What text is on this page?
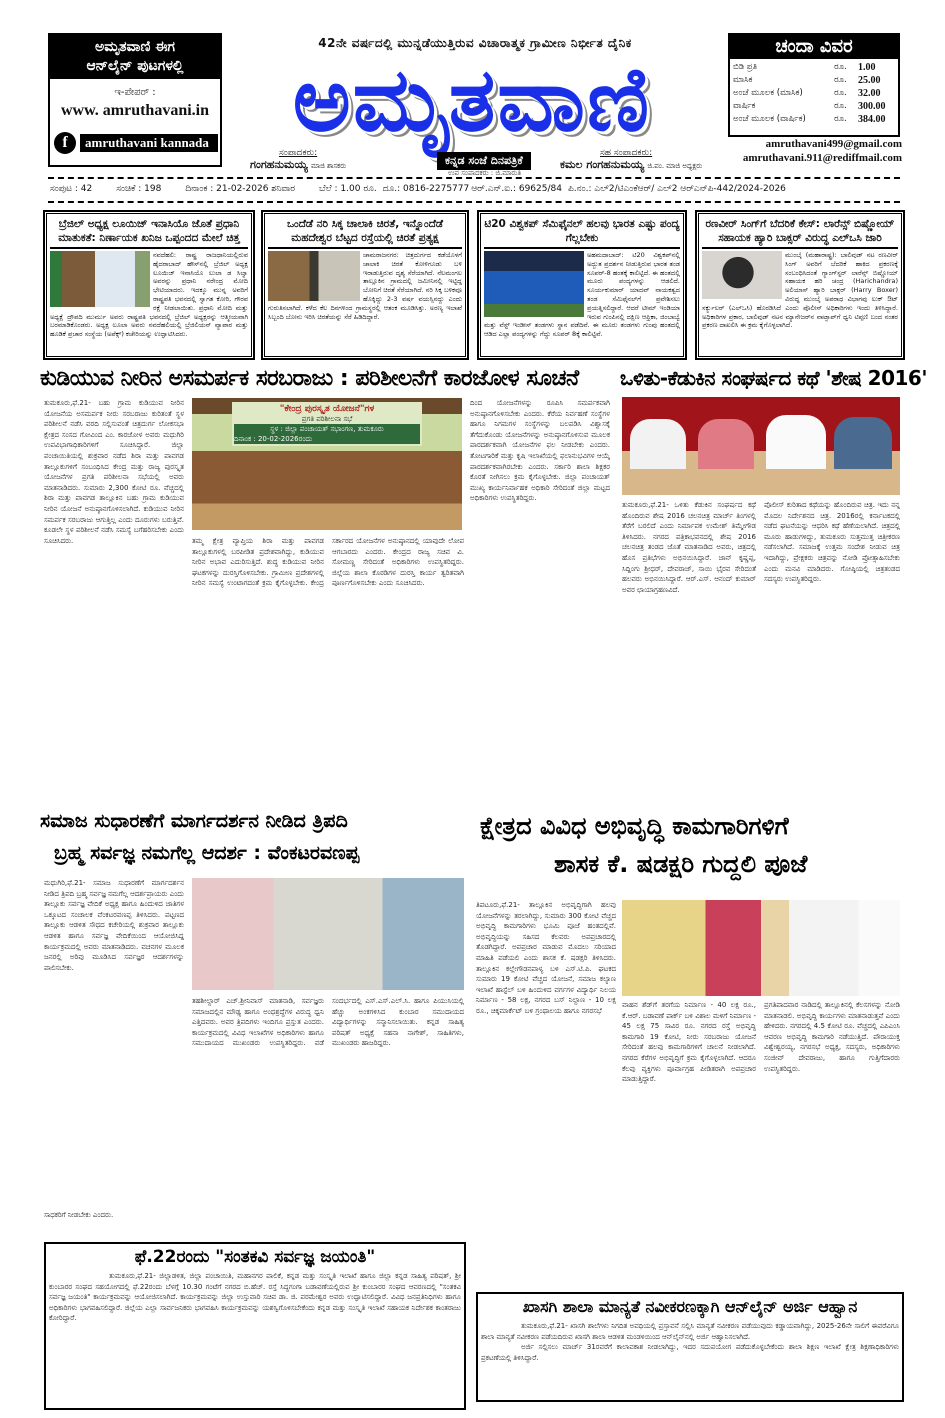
ಅಮೃತವಾಣಿ ಈಗ
ಆನ್‌ಲೈನ್ ಪುಟಗಳಲ್ಲಿ
ಇ-ಪೇಪರ್ :
www. amruthavani.in
f	amruthavani kannada
42ನೇ ವರ್ಷದಲ್ಲಿ ಮುನ್ನಡೆಯುತ್ತಿರುವ ವಿಚಾರಾತ್ಮಕ ಗ್ರಾಮೀಣ ನಿರ್ಭೀತ ದೈನಿಕ
ಅಮೃತವಾಣಿ
ಕನ್ನಡ ಸಂಜೆ ದಿನಪತ್ರಿಕೆ
ಉಪ ಸಂಪಾದಕರು : ಜಿ.ಮಾರುತಿ
ಸಂಪಾದಕರು:
ಗಂಗಹನುಮಯ್ಯ ಮಾಜಿ ಶಾಸಕರು
ಸಹ ಸಂಪಾದಕರು:
ಕಮಲ ಗಂಗಹನುಮಯ್ಯ ಜಿ.ಪಂ. ಮಾಜಿ ಅಧ್ಯಕ್ಷರು
ಚಂದಾ ವಿವರ
ಬಿಡಿ ಪ್ರತಿ	ರೂ.	1.00
ಮಾಸಿಕ	ರೂ.	25.00
ಅಂಚೆ ಮೂಲಕ (ಮಾಸಿಕ)	ರೂ.	32.00
ವಾರ್ಷಿಕ	ರೂ.	300.00
ಅಂಚೆ ಮೂಲಕ (ವಾರ್ಷಿಕ)	ರೂ.	384.00
amruthavani499@gmail.com
amruthavani.911@rediffmail.com
ಸಂಪುಟ : 42	ಸಂಚಿಕೆ : 198	ದಿನಾಂಕ : 21-02-2026 ಶನಿವಾರ	ಬೆಲೆ : 1.00 ರೂ. ದೂ.: 0816-2275777 ಆರ್.ಎನ್.ಐ.: 69625/84 ಪಿ.ನಂ.: ಎಲ್2/ಟಿಎಂಕೆಆರ್/ ಎಲ್2 ಆರ್‌ಎನ್‌ಪಿ-442/2024-2026
ಬ್ರೆಜಿಲ್ ಅಧ್ಯಕ್ಷ ಲೂಯಿಜ್ ಇನಾಸಿಯೊ ಜೊತೆ ಪ್ರಧಾನಿ ಮಾತುಕತೆ: ನಿರ್ಣಾಯಕ ಖನಿಜ ಒಪ್ಪಂದದ ಮೇಲೆ ಚಿತ್ತ
ನವದೆಹಲಿ: ರಾಷ್ಟ್ರ ರಾಜಧಾನಿಯಲ್ಲಿರುವ ಹೈದರಾಬಾದ್ ಹೌಸ್‌ನಲ್ಲಿ ಬ್ರೆಜಿಲ್ ಅಧ್ಯಕ್ಷ ಲೂಯಿಜ್ ಇನಾಸಿಯೊ ಲುಲಾ ಡ ಸಿಲ್ವಾ ಅವರನ್ನು ಪ್ರಧಾನಿ ನರೇಂದ್ರ ಮೋದಿ ಭೇಟಿಯಾದರು. ಇದಕ್ಕೂ ಮುನ್ನ ಅವರಿಗೆ ರಾಷ್ಟ್ರಪತಿ ಭವನದಲ್ಲಿ ಸ್ವಾಗತ ಕೋರಿ, ಗೌರವ ರಕ್ಷೆ ನೀಡಲಾಯಿತು. ಪ್ರಧಾನಿ ಮೋದಿ ಮತ್ತು ಅಧ್ಯಕ್ಷೆ ದ್ರೌಪದಿ ಮುರ್ಮು ಅವರು ರಾಷ್ಟ್ರಪತಿ ಭವನದಲ್ಲಿ ಬ್ರೆಜಿಲ್ ಅಧ್ಯಕ್ಷರನ್ನು ಆತ್ಮೀಯವಾಗಿ ಬರಮಾಡಿಕೊಂಡರು. ಅಧ್ಯಕ್ಷ ಲೂಲಾ ಅವರು ನವದೆಹಲಿಯಲ್ಲಿ ಬ್ರೆಜಿಲಿಯನ್ ವ್ಯಾಪಾರ ಮತ್ತು ಹೂಡಿಕೆ ಪ್ರಚಾರ ಸಂಸ್ಥೆಯ (ಅಪೆಕ್ಸ್) ಕಚೇರಿಯನ್ನು ಉದ್ಘಾಟಿಸಿದರು.
ಒಂದೆಡೆ ನರಿ ಸಿಕ್ಕ ಚಾಲಾಕಿ ಚಿರತೆ, ಇನ್ನೊಂದೆಡೆ ಮಹದೇಶ್ವರ ಬೆಟ್ಟದ ರಸ್ತೆಯಲ್ಲಿ ಚಿರತೆ ಪ್ರತ್ಯಕ್ಷ
ಚಾಮರಾಜನಗರ: ಚಿತ್ರದುರ್ಗದ ಕಡೆಯೊಳಗೆ ಚಾಲಾಕಿ ಚಿರತೆ ಕೋಳಿಗೂಡು ಬಳಿ ಇರಾಡುತ್ತಿರುವ ದೃಶ್ಯ ಸೆರೆಯಾಗಿದೆ. ನೆಲಮಂಗಲ ತಾಲ್ಲೂಕಿನ ಗ್ರಾಮದಲ್ಲಿ ಜಮೀನಿನಲ್ಲಿ ಇಟ್ಟಿದ್ದ ಬೋನಿಗೆ ಚಿರತೆ ಸೆರೆಯಾಗಿದೆ. ನರಿ ಸಿಕ್ಕ ಬಳಿಕವೂ ಹೊಕ್ಕಿದ್ದು 2-3 ವರ್ಷ ವಯಸ್ಸಿನದ್ದು ಎಂದು ಗುರುತಿಸಲಾಗಿದೆ. ಕಳೆದ ಕೆಲ ದಿನಗಳಿಂದ ಗ್ರಾಮಸ್ಥರಲ್ಲಿ ಆತಂಕ ಮೂಡಿಸಿತ್ತು. ಅರಣ್ಯ ಇಲಾಖೆ ಸಿಬ್ಬಂದಿ ಬೋನು ಇರಿಸಿ ಚಿರತೆಯನ್ನು ಸೆರೆ ಹಿಡಿದಿದ್ದಾರೆ.
ಟಿ20 ವಿಶ್ವಕಪ್ ಸೆಮಿಫೈನಲ್ ಹಲವು ಭಾರತ ಎಷ್ಟು ಪಂದ್ಯ ಗೆಲ್ಲಬೇಕು
ಅಹಮದಾಬಾದ್: ಟಿ20 ವಿಶ್ವಕಪ್‌ನಲ್ಲಿ ಅದ್ಭುತ ಪ್ರದರ್ಶನ ನೀಡುತ್ತಿರುವ ಭಾರತ ತಂಡ ಸೂಪರ್-8 ಹಂತಕ್ಕೆ ಕಾಲಿಟ್ಟಿದೆ. ಈ ಹಂತದಲ್ಲಿ ಮೂರು ಪಂದ್ಯಗಳನ್ನು ಆಡಲಿದೆ. ಸೂರ್ಯಕುಮಾರ್ ಯಾದವ್ ನಾಯಕತ್ವದ ತಂಡ ಸೆಮಿಫೈನಲ್‌ಗೆ ಪ್ರವೇಶಿಸಲು ಪ್ರಯತ್ನಿಸಲಿದ್ದಾರೆ. ಆದರೆ ಟೀಮ್ ಇಂಡಿಯಾ ಇರುವ ಗುಂಪಿನಲ್ಲಿ ದಕ್ಷಿಣ ಆಫ್ರಿಕಾ, ಜಿಂಬಾಬ್ವೆ ಮತ್ತು ವೆಸ್ಟ್ ಇಂಡೀಸ್ ತಂಡಗಳು ಸ್ಥಾನ ಪಡೆದಿವೆ. ಈ ಮೂರು ತಂಡಗಳು ಗುಂಪು ಹಂತದಲ್ಲಿ ಆಡಿದ ಎಲ್ಲಾ ಪಂದ್ಯಗಳನ್ನು ಗೆದ್ದು ಸೂಪರ್ 8ಕ್ಕೆ ಕಾಲಿಟ್ಟಿವೆ.
ರಣವೀರ್ ಸಿಂಗ್‌ಗೆ ಬೆದರಿಕೆ ಕೇಸ್: ಲಾರೆನ್ಸ್ ಬಿಷ್ಣೋಯ್ ಸಹಾಯಕ ಹ್ಯಾರಿ ಬಾಕ್ಸರ್ ವಿರುದ್ಧ ಎಲ್‌ಒಸಿ ಜಾರಿ
ಮುಂಬೈ (ಮಹಾರಾಷ್ಟ್ರ): ಬಾಲಿವುಡ್ ನಟ ರಣವೀರ್ ಸಿಂಗ್ ಅವರಿಗೆ ಬೆದರಿಕೆ ಹಾಕಿದ ಪ್ರಕರಣಕ್ಕೆ ಸಂಬಂಧಿಸಿದಂತೆ ಗ್ಯಾಂಗ್‌ಸ್ಟರ್ ಲಾರೆನ್ಸ್ ಬಿಷ್ಣೋಯ್ ಸಹಾಯಕ ಹರಿ ಚಂದ್ರ (Harichandra) ಅಲಿಯಾಸ್ ಹ್ಯಾರಿ ಬಾಕ್ಸರ್ (Harry Boxer) ವಿರುದ್ಧ ಮುಂಬೈ ಅಪರಾಧ ವಿಭಾಗವು ಲುಕ್ ಔಟ್ ಸರ್ಕ್ಯುಲರ್ (ಎಲ್‌ಒಸಿ) ಹೊರಡಿಸಿದೆ ಎಂದು ಪೊಲೀಸ್ ಅಧಿಕಾರಿಗಳು ಇಂದು ತಿಳಿಸಿದ್ದಾರೆ. ಅಧಿಕಾರಿಗಳ ಪ್ರಕಾರ, ಬಾಲಿವುಡ್ ನಟನ ಮ್ಯಾನೇಜರ್‌ನ ವಾಟ್ಸಾಪ್‌ಗೆ ಧ್ವನಿ ಟಿಪ್ಪಣಿ ಬಂದ ನಂತರ ಪ್ರಕರಣ ದಾಖಲಿಸಿ ಈ ಕ್ರಮ ಕೈಗೊಳ್ಳಲಾಗಿದೆ.
ಕುಡಿಯುವ ನೀರಿನ ಅಸಮರ್ಪಕ ಸರಬರಾಜು : ಪರಿಶೀಲನೆಗೆ ಕಾರಜೋಳ ಸೂಚನೆ
ತುಮಕೂರು,ಫೆ.21- ಬಹು ಗ್ರಾಮ ಕುಡಿಯುವ ನೀರಿನ ಯೋಜನೆಯ ಅಸಮರ್ಪಕ ನೀರು ಸರಬರಾಜು ಕುರಿತಂತೆ ಸ್ಥಳ ಪರಿಶೀಲನೆ ನಡೆಸಿ ವರದಿ ಸಲ್ಲಿಸುವಂತೆ ಚಿತ್ರದುರ್ಗ ಲೋಕಸಭಾ ಕ್ಷೇತ್ರದ ಸಂಸದ ಗೋವಿಂದ ಎಂ. ಕಾರಜೋಳ ಅವರು ಮಧುಗಿರಿ ಉಪವಿಭಾಗಾಧಿಕಾರಿಗಳಿಗೆ ಸೂಚಿಸಿದ್ದಾರೆ. ಜಿಲ್ಲಾ ಪಂಚಾಯಿತಿಯಲ್ಲಿ ಶುಕ್ರವಾರ ನಡೆದ ಶಿರಾ ಮತ್ತು ಪಾವಗಡ ತಾಲ್ಲೂಕುಗಳಿಗೆ ಸಂಬಂಧಿಸಿದ ಕೇಂದ್ರ ಮತ್ತು ರಾಜ್ಯ ಪುರಸ್ಕೃತ ಯೋಜನೆಗಳ ಪ್ರಗತಿ ಪರಿಶೀಲನಾ ಸಭೆಯಲ್ಲಿ ಅವರು ಮಾತನಾಡಿದರು. ಸುಮಾರು 2,300 ಕೋಟಿ ರೂ. ವೆಚ್ಚದಲ್ಲಿ ಶಿರಾ ಮತ್ತು ಪಾವಗಡ ತಾಲ್ಲೂಕಿನ ಬಹು ಗ್ರಾಮ ಕುಡಿಯುವ ನೀರಿನ ಯೋಜನೆ ಅನುಷ್ಠಾನಗೊಳಿಸಲಾಗಿದೆ. ಕುಡಿಯುವ ನೀರಿನ ಸಮರ್ಪಕ ಸರಬರಾಜು ಆಗುತ್ತಿಲ್ಲ ಎಂದು ದೂರುಗಳು ಬರುತ್ತಿವೆ. ಕೂಡಲೇ ಸ್ಥಳ ಪರಿಶೀಲನೆ ನಡೆಸಿ ಸಮಸ್ಯೆ ಬಗೆಹರಿಸಬೇಕು ಎಂದು ಸೂಚಿಸಿದರು.
"ಕೇಂದ್ರ ಪುರಸ್ಕೃತ ಯೋಜನೆ"ಗಳ
ಪ್ರಗತಿ ಪರಿಶೀಲನಾ ಸಭೆ
ಸ್ಥಳ : ಜಿಲ್ಲಾ ಪಂಚಾಯತ್ ಸಭಾಂಗಣ, ತುಮಕೂರು
ದಿನಾಂಕ : 20-02-2026ರಂದು
ತಮ್ಮ ಕ್ಷೇತ್ರ ವ್ಯಾಪ್ತಿಯ ಶಿರಾ ಮತ್ತು ಪಾವಗಡ ತಾಲ್ಲೂಕುಗಳಲ್ಲಿ ಬರಪೀಡಿತ ಪ್ರದೇಶವಾಗಿದ್ದು, ಕುಡಿಯುವ ನೀರಿನ ಅಭಾವ ಎದುರಿಸುತ್ತಿದೆ. ಶುದ್ಧ ಕುಡಿಯುವ ನೀರಿನ ಘಟಕಗಳನ್ನು ದುರಸ್ತಿಗೊಳಿಸಬೇಕು. ಗ್ರಾಮೀಣ ಪ್ರದೇಶಗಳಲ್ಲಿ ನೀರಿನ ಸಮಸ್ಯೆ ಉಂಟಾಗದಂತೆ ಕ್ರಮ ಕೈಗೊಳ್ಳಬೇಕು. ಕೇಂದ್ರ ಸರ್ಕಾರದ ಯೋಜನೆಗಳ ಅನುಷ್ಠಾನದಲ್ಲಿ ಯಾವುದೇ ಲೋಪ ಆಗಬಾರದು ಎಂದರು. ಕೇಂದ್ರದ ರಾಜ್ಯ ಸಚಿವ ವಿ. ಸೋಮಣ್ಣ ಸೇರಿದಂತೆ ಅಧಿಕಾರಿಗಳು ಉಪಸ್ಥಿತರಿದ್ದರು. ಜಿಲ್ಲೆಯ ಶಾಲಾ ಕೊಠಡಿಗಳ ದುರಸ್ತಿ ಕಾರ್ಯ ತ್ವರಿತವಾಗಿ ಪೂರ್ಣಗೊಳಿಸಬೇಕು ಎಂದು ಸೂಚಿಸಿದರು.
ದಿಂದ ಯೋಜನೆಗಳನ್ನು ರೂಪಿಸಿ ಸಮರ್ಪಕವಾಗಿ ಅನುಷ್ಠಾನಗೊಳಿಸಬೇಕು ಎಂದರು. ಕೆರೆಯ ನಿರ್ವಹಣೆ ಸಂಸ್ಥೆಗಳ ಹಾಗೂ ನಿಗಮಗಳ ಸಂಸ್ಥೆಗಳನ್ನು ಬಲಪಡಿಸಿ ವಿಶ್ವಾಸಕ್ಕೆ ತೆಗೆದುಕೊಂಡು ಯೋಜನೆಗಳನ್ನು ಅನುಷ್ಠಾನಗೊಳಿಸುವ ಮೂಲಕ ಪಾರದರ್ಶಕವಾಗಿ ಯೋಜನೆಗಳ ಫಲ ನೀಡಬೇಕು ಎಂದರು. ತೋಟಗಾರಿಕೆ ಮತ್ತು ಕೃಷಿ ಇಲಾಖೆಯಲ್ಲಿ ಫಲಾನುಭವಿಗಳ ಆಯ್ಕೆ ಪಾರದರ್ಶಕವಾಗಿರಬೇಕು ಎಂದರು. ಸರ್ಕಾರಿ ಶಾಲಾ ಶಿಕ್ಷಕರ ಕೊರತೆ ನೀಗಿಸಲು ಕ್ರಮ ಕೈಗೊಳ್ಳಬೇಕು. ಜಿಲ್ಲಾ ಪಂಚಾಯತ್ ಮುಖ್ಯ ಕಾರ್ಯನಿರ್ವಾಹಕ ಅಧಿಕಾರಿ ಸೇರಿದಂತೆ ಜಿಲ್ಲಾ ಮಟ್ಟದ ಅಧಿಕಾರಿಗಳು ಉಪಸ್ಥಿತರಿದ್ದರು.
ಒಳಿತು-ಕೆಡುಕಿನ ಸಂಘರ್ಷದ ಕಥೆ 'ಶೇಷ 2016'
ತುಮಕೂರು,ಫೆ.21- ಒಳಿತು ಕೆಡುಕಿನ ಸಂಘರ್ಷದ ಕಥೆ ಹೊಂದಿರುವ ಶೇಷ 2016 ಚಲನಚಿತ್ರ ಮಾರ್ಚ್ ತಿಂಗಳಲ್ಲಿ ತೆರೆಗೆ ಬರಲಿದೆ ಎಂದು ನಿರ್ಮಾಪಕ ಉಮೇಶ್ ತಿಮ್ಮೇಗೌಡ ತಿಳಿಸಿದರು. ನಗರದ ಪತ್ರಿಕಾಭವನದಲ್ಲಿ ಶೇಷ 2016 ಚಲನಚಿತ್ರ ತಂಡದ ಜೊತೆ ಮಾತನಾಡಿದ ಅವರು, ಚಿತ್ರದಲ್ಲಿ ಹೊಸ ಪ್ರತಿಭೆಗಳು ಅಭಿನಯಿಸಿದ್ದಾರೆ. ಜಾನ್ ಕೃಷ್ಣಪ್ಪ, ಸಿದ್ದಿಂಗು ಶ್ರೀಧರ್, ದೇವರಾಜ್, ಸಾಯಿ ಭೈರವ ಸೇರಿದಂತೆ ಹಲವರು ಅಭಿನಯಿಸಿದ್ದಾರೆ. ಆರ್.ಎಸ್. ಆನಂದ್ ಕುಮಾರ್ ಅವರ ಛಾಯಾಗ್ರಹಣವಿದೆ.
ಪೊಲೀಸ್ ಕುರಿತಾದ ಕಥೆಯನ್ನು ಹೊಂದಿರುವ ಚಿತ್ರ. ಇದು ನನ್ನ ಮೊದಲ ನಿರ್ದೇಶನದ ಚಿತ್ರ. 2016ರಲ್ಲಿ ಕರ್ನಾಟಕದಲ್ಲಿ ನಡೆದ ಘಟನೆಯನ್ನು ಆಧರಿಸಿ ಕಥೆ ಹೆಣೆಯಲಾಗಿದೆ. ಚಿತ್ರದಲ್ಲಿ ಮೂರು ಹಾಡುಗಳಿದ್ದು, ತುಮಕೂರು ಸುತ್ತಮುತ್ತ ಚಿತ್ರೀಕರಣ ನಡೆಸಲಾಗಿದೆ. ಸಮಾಜಕ್ಕೆ ಉತ್ತಮ ಸಂದೇಶ ನೀಡುವ ಚಿತ್ರ ಇದಾಗಿದ್ದು, ಪ್ರೇಕ್ಷಕರು ಚಿತ್ರವನ್ನು ನೋಡಿ ಪ್ರೋತ್ಸಾಹಿಸಬೇಕು ಎಂದು ಮನವಿ ಮಾಡಿದರು. ಗೋಷ್ಠಿಯಲ್ಲಿ ಚಿತ್ರತಂಡದ ಸದಸ್ಯರು ಉಪಸ್ಥಿತರಿದ್ದರು.
ಸಮಾಜ ಸುಧಾರಣೆಗೆ ಮಾರ್ಗದರ್ಶನ ನೀಡಿದ ತ್ರಿಪದಿ
ಬ್ರಹ್ಮ ಸರ್ವಜ್ಞ ನಮಗೆಲ್ಲ ಆದರ್ಶ : ವೆಂಕಟರವಣಪ್ಪ
ಮಧುಗಿರಿ,ಫೆ.21- ಸಮಾಜ ಸುಧಾರಣೆಗೆ ಮಾರ್ಗದರ್ಶನ ನೀಡಿದ ತ್ರಿಪದಿ ಬ್ರಹ್ಮ ಸರ್ವಜ್ಞ ನಮಗೆಲ್ಲ ಆದರ್ಶಪ್ರಾಯರು ಎಂದು ತಾಲ್ಲೂಕು ಸರ್ವಜ್ಞ ವೇದಿಕೆ ಅಧ್ಯಕ್ಷ ಹಾಗೂ ಹಿಂದುಳಿದ ಜಾತಿಗಳ ಒಕ್ಕೂಟದ ಸಂಚಾಲಕ ವೆಂಕಟರವಣಪ್ಪ ತಿಳಿಸಿದರು. ಪಟ್ಟಣದ ತಾಲ್ಲೂಕು ಆಡಳಿತ ಸೌಧದ ಕಚೇರಿಯಲ್ಲಿ ಶುಕ್ರವಾರ ತಾಲ್ಲೂಕು ಆಡಳಿತ ಹಾಗೂ ಸರ್ವಜ್ಞ ವೇದಿಕೆಯಿಂದ ಆಯೋಜಿಸಿದ್ದ ಕಾರ್ಯಕ್ರಮದಲ್ಲಿ ಅವರು ಮಾತನಾಡಿದರು. ವಚನಗಳ ಮೂಲಕ ಜನರಲ್ಲಿ ಅರಿವು ಮೂಡಿಸಿದ ಸರ್ವಜ್ಞರ ಆದರ್ಶಗಳನ್ನು ಪಾಲಿಸಬೇಕು.
ತಹಶೀಲ್ದಾರ್ ಎಚ್.ಶ್ರೀನಿವಾಸ್ ಮಾತನಾಡಿ, ಸರ್ವಜ್ಞರು ಸಮಾಜದಲ್ಲಿನ ಮೌಢ್ಯ ಹಾಗೂ ಅಂಧಶ್ರದ್ಧೆಗಳ ವಿರುದ್ಧ ಧ್ವನಿ ಎತ್ತಿದವರು. ಅವರ ತ್ರಿಪದಿಗಳು ಇಂದಿಗೂ ಪ್ರಸ್ತುತ ಎಂದರು. ಕಾರ್ಯಕ್ರಮದಲ್ಲಿ ವಿವಿಧ ಇಲಾಖೆಗಳ ಅಧಿಕಾರಿಗಳು ಹಾಗೂ ಸಮುದಾಯದ ಮುಖಂಡರು ಉಪಸ್ಥಿತರಿದ್ದರು. ವಡೆ ಸಂದರ್ಭದಲ್ಲಿ ಎಸ್.ಎಸ್.ಎಲ್.ಸಿ. ಹಾಗೂ ಪಿಯುಸಿಯಲ್ಲಿ ಹೆಚ್ಚು ಅಂಕಗಳಿಸಿದ ಕುಂಬಾರ ಸಮುದಾಯದ ವಿದ್ಯಾರ್ಥಿಗಳನ್ನು ಸನ್ಮಾನಿಸಲಾಯಿತು. ಕನ್ನಡ ಸಾಹಿತ್ಯ ಪರಿಷತ್ ಅಧ್ಯಕ್ಷೆ ಸಹನಾ ನಾಗೇಶ್, ಸಾಹಿತಿಗಳು, ಮುಖಂಡರು ಹಾಜರಿದ್ದರು.
ಸಾಧಕರಿಗೆ ನೀಡಬೇಕು ಎಂದರು.
ಫೆ.22ರಂದು "ಸಂತಕವಿ ಸರ್ವಜ್ಞ ಜಯಂತಿ"
ತುಮಕೂರು,ಫೆ.21- ಜಿಲ್ಲಾಡಳಿತ, ಜಿಲ್ಲಾ ಪಂಚಾಯಿತಿ, ಮಹಾನಗರ ಪಾಲಿಕೆ, ಕನ್ನಡ ಮತ್ತು ಸಂಸ್ಕೃತಿ ಇಲಾಖೆ ಹಾಗೂ ಜಿಲ್ಲಾ ಕನ್ನಡ ಸಾಹಿತ್ಯ ಪರಿಷತ್, ಶ್ರೀ ಕುಂಬಾರರ ಸಂಘದ ಸಹಯೋಗದಲ್ಲಿ ಫೆ.22ರಂದು ಬೆಳಗ್ಗೆ 10.30 ಗಂಟೆಗೆ ನಗರದ ಬಿ.ಹೆಚ್. ರಸ್ತೆ ಸಿದ್ಧಗಂಗಾ ಬಡಾವಣೆಯಲ್ಲಿರುವ ಶ್ರೀ ಕುಂಬಾರರ ಸಂಘದ ಆವರಣದಲ್ಲಿ "ಸಂತಕವಿ ಸರ್ವಜ್ಞ ಜಯಂತಿ" ಕಾರ್ಯಕ್ರಮವನ್ನು ಆಯೋಜಿಸಲಾಗಿದೆ. ಕಾರ್ಯಕ್ರಮವನ್ನು ಜಿಲ್ಲಾ ಉಸ್ತುವಾರಿ ಸಚಿವ ಡಾ. ಜಿ. ಪರಮೇಶ್ವರ ಅವರು ಉದ್ಘಾಟಿಸಲಿದ್ದಾರೆ. ವಿವಿಧ ಜನಪ್ರತಿನಿಧಿಗಳು ಹಾಗೂ ಅಧಿಕಾರಿಗಳು ಭಾಗವಹಿಸಲಿದ್ದಾರೆ. ಜಿಲ್ಲೆಯ ಎಲ್ಲಾ ಸಾರ್ವಜನಿಕರು ಭಾಗವಹಿಸಿ ಕಾರ್ಯಕ್ರಮವನ್ನು ಯಶಸ್ವಿಗೊಳಿಸಬೇಕೆಂದು ಕನ್ನಡ ಮತ್ತು ಸಂಸ್ಕೃತಿ ಇಲಾಖೆ ಸಹಾಯಕ ನಿರ್ದೇಶಕ ಕಾಂತರಾಜು ಕೋರಿದ್ದಾರೆ.
ಕ್ಷೇತ್ರದ ವಿವಿಧ ಅಭಿವೃದ್ಧಿ ಕಾಮಗಾರಿಗಳಿಗೆ
ಶಾಸಕ ಕೆ. ಷಡಕ್ಷರಿ ಗುದ್ದಲಿ ಪೂಜೆ
ತಿಪಟೂರು,ಫೆ.21- ತಾಲ್ಲೂಕಿನ ಅಭಿವೃದ್ಧಿಗಾಗಿ ಹಲವು ಯೋಜನೆಗಳನ್ನು ತರಲಾಗಿದ್ದು, ಸುಮಾರು 300 ಕೋಟಿ ವೆಚ್ಚದ ಅಭಿವೃದ್ಧಿ ಕಾಮಗಾರಿಗಳು ಭೂಮಿ ಪೂಜೆ ಹಂತದಲ್ಲಿವೆ. ಅಭಿವೃದ್ಧಿಯನ್ನು ಸಹಿಸದ ಕೆಲವರು ಅಪಪ್ರಚಾರದಲ್ಲಿ ತೊಡಗಿದ್ದಾರೆ. ಅಪಪ್ರಚಾರ ಮಾಡುವ ಮೊದಲು ಸರಿಯಾದ ಮಾಹಿತಿ ಪಡೆಯಲಿ ಎಂದು ಶಾಸಕ ಕೆ. ಷಡಕ್ಷರಿ ತಿಳಿಸಿದರು. ತಾಲ್ಲೂಕಿನ ಕಲ್ಲೇಗೌಡನಪಾಳ್ಯ ಬಳಿ ಎಸ್.ಟಿ.ಪಿ. ಘಟಕದ ಸುಮಾರು 19 ಕೋಟಿ ವೆಚ್ಚದ ಯೋಜನೆ, ಸಮಾಜ ಕಲ್ಯಾಣ ಇಲಾಖೆ ಹಾಸ್ಟೆಲ್ ಬಳಿ ಹಿಂದುಳಿದ ವರ್ಗಗಳ ವಿದ್ಯಾರ್ಥಿ ನಿಲಯ ನಿರ್ಮಾಣ - 58 ಲಕ್ಷ, ನಗರದ ಬಸ್ ನಿಲ್ದಾಣ - 10 ಲಕ್ಷ ರೂ., ಚಿಕ್ಕಮಾರ್ಕೆಟ್ ಬಳಿ ಗ್ರಂಥಾಲಯ ಹಾಗೂ ನಗರಸಭೆ
ವಾಹನ ಶೆಡ್‌ಗೆ ತರಗೆಯ ನಿರ್ಮಾಣ - 40 ಲಕ್ಷ ರೂ., ಕೆ.ಆರ್. ಬಡಾವಣೆ ಪಾರ್ಕ್ ಬಳಿ ವಿಶಾಲ ಮಳಿಗೆ ನಿರ್ಮಾಣ - 45 ಲಕ್ಷ 75 ಸಾವಿರ ರೂ. ನಗರದ ರಸ್ತೆ ಅಭಿವೃದ್ಧಿ ಕಾಮಗಾರಿ 19 ಕೋಟಿ, ನೀರು ಸರಬರಾಜು ಯೋಜನೆ ಸೇರಿದಂತೆ ಹಲವು ಕಾಮಗಾರಿಗಳಿಗೆ ಚಾಲನೆ ನೀಡಲಾಗಿದೆ. ನಗರದ ಕೆರೆಗಳ ಅಭಿವೃದ್ಧಿಗೆ ಕ್ರಮ ಕೈಗೊಳ್ಳಲಾಗಿದೆ. ಆದರೂ ಕೆಲವು ವ್ಯಕ್ತಿಗಳು ಪೂರ್ವಾಗ್ರಹ ಪೀಡಿತರಾಗಿ ಅಪಪ್ರಚಾರ ಮಾಡುತ್ತಿದ್ದಾರೆ.
ಪ್ರಗತಿಪಾದವಾರ ನಾಡಿದಲ್ಲಿ ತಾಲ್ಲೂಕಿನಲ್ಲಿ ಕೆಲಸಗಳನ್ನು ನೋಡಿ ಮಾತನಾಡಲಿ. ಅಭಿವೃದ್ಧಿ ಕಾರ್ಯಗಳು ಮಾತನಾಡುತ್ತವೆ ಎಂದು ಹೇಳಿದರು. ನಗರದಲ್ಲಿ 4.5 ಕೋಟಿ ರೂ. ವೆಚ್ಚದಲ್ಲಿ ಎಪಿಎಂಸಿ ಆವರಣ ಅಭಿವೃದ್ಧಿ ಕಾಮಗಾರಿ ನಡೆಯುತ್ತಿದೆ. ಪೌರಾಯುಕ್ತ ವಿಶ್ವೇಶ್ವರಯ್ಯ, ನಗರಸಭೆ ಅಧ್ಯಕ್ಷ, ಸದಸ್ಯರು, ಅಧಿಕಾರಿಗಳು ಸಂಜೀವ್ ದೇವರಾಜು, ಹಾಗೂ ಗುತ್ತಿಗೆದಾರರು ಉಪಸ್ಥಿತರಿದ್ದರು.
ಖಾಸಗಿ ಶಾಲಾ ಮಾನ್ಯತೆ ನವೀಕರಣಕ್ಕಾಗಿ ಆನ್‌ಲೈನ್ ಅರ್ಜಿ ಆಹ್ವಾನ
ತುಮಕೂರು,ಫೆ.21- ಖಾಸಗಿ ಶಾಲೆಗಳು ನಿಗದಿತ ಅವಧಿಯಲ್ಲಿ ಪ್ರಸ್ತಾವನೆ ಸಲ್ಲಿಸಿ ಮಾನ್ಯತೆ ನವೀಕರಣ ಪಡೆಯುವುದು ಕಡ್ಡಾಯವಾಗಿದ್ದು, 2025-26ನೇ ಸಾಲಿಗೆ ಈವರೆವಿಗೂ ಶಾಲಾ ಮಾನ್ಯತೆ ನವೀಕರಣ ಪಡೆಯದಿರುವ ಖಾಸಗಿ ಶಾಲಾ ಆಡಳಿತ ಮಂಡಳಿಯಿಂದ ಆನ್‌ಲೈನ್‌ನಲ್ಲಿ ಅರ್ಜಿ ಆಹ್ವಾನಿಸಲಾಗಿದೆ.
ಅರ್ಜಿ ಸಲ್ಲಿಸಲು ಮಾರ್ಚ್ 31ರವರೆಗೆ ಕಾಲಾವಕಾಶ ನೀಡಲಾಗಿದ್ದು, ಇದರ ಸದುಪಯೋಗ ಪಡೆದುಕೊಳ್ಳಬೇಕೆಂದು ಶಾಲಾ ಶಿಕ್ಷಣ ಇಲಾಖೆ ಕ್ಷೇತ್ರ ಶಿಕ್ಷಣಾಧಿಕಾರಿಗಳು ಪ್ರಕಟಣೆಯಲ್ಲಿ ತಿಳಿಸಿದ್ದಾರೆ.
